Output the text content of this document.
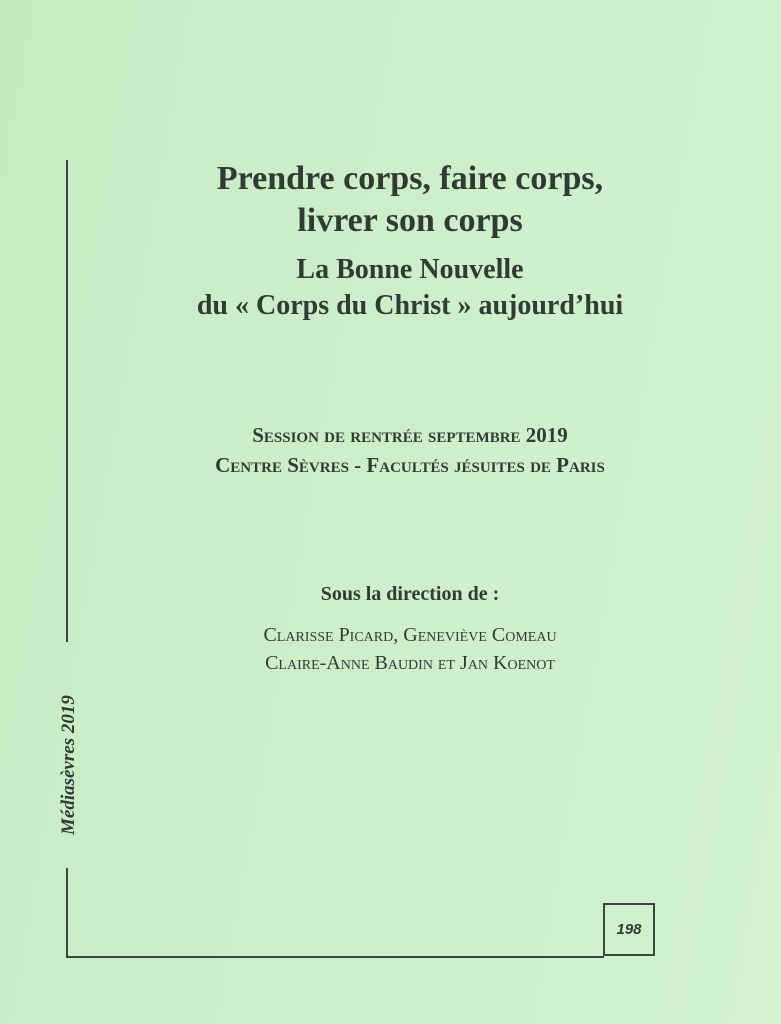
Médiasèvres 2019
198
Prendre corps, faire corps,
livrer son corps
La Bonne Nouvelle
du « Corps du Christ » aujourd’hui
Session de rentrée septembre 2019
Centre Sèvres - Facultés jésuites de Paris
Sous la direction de :
Clarisse Picard, Geneviève Comeau
Claire-Anne Baudin et Jan Koenot
